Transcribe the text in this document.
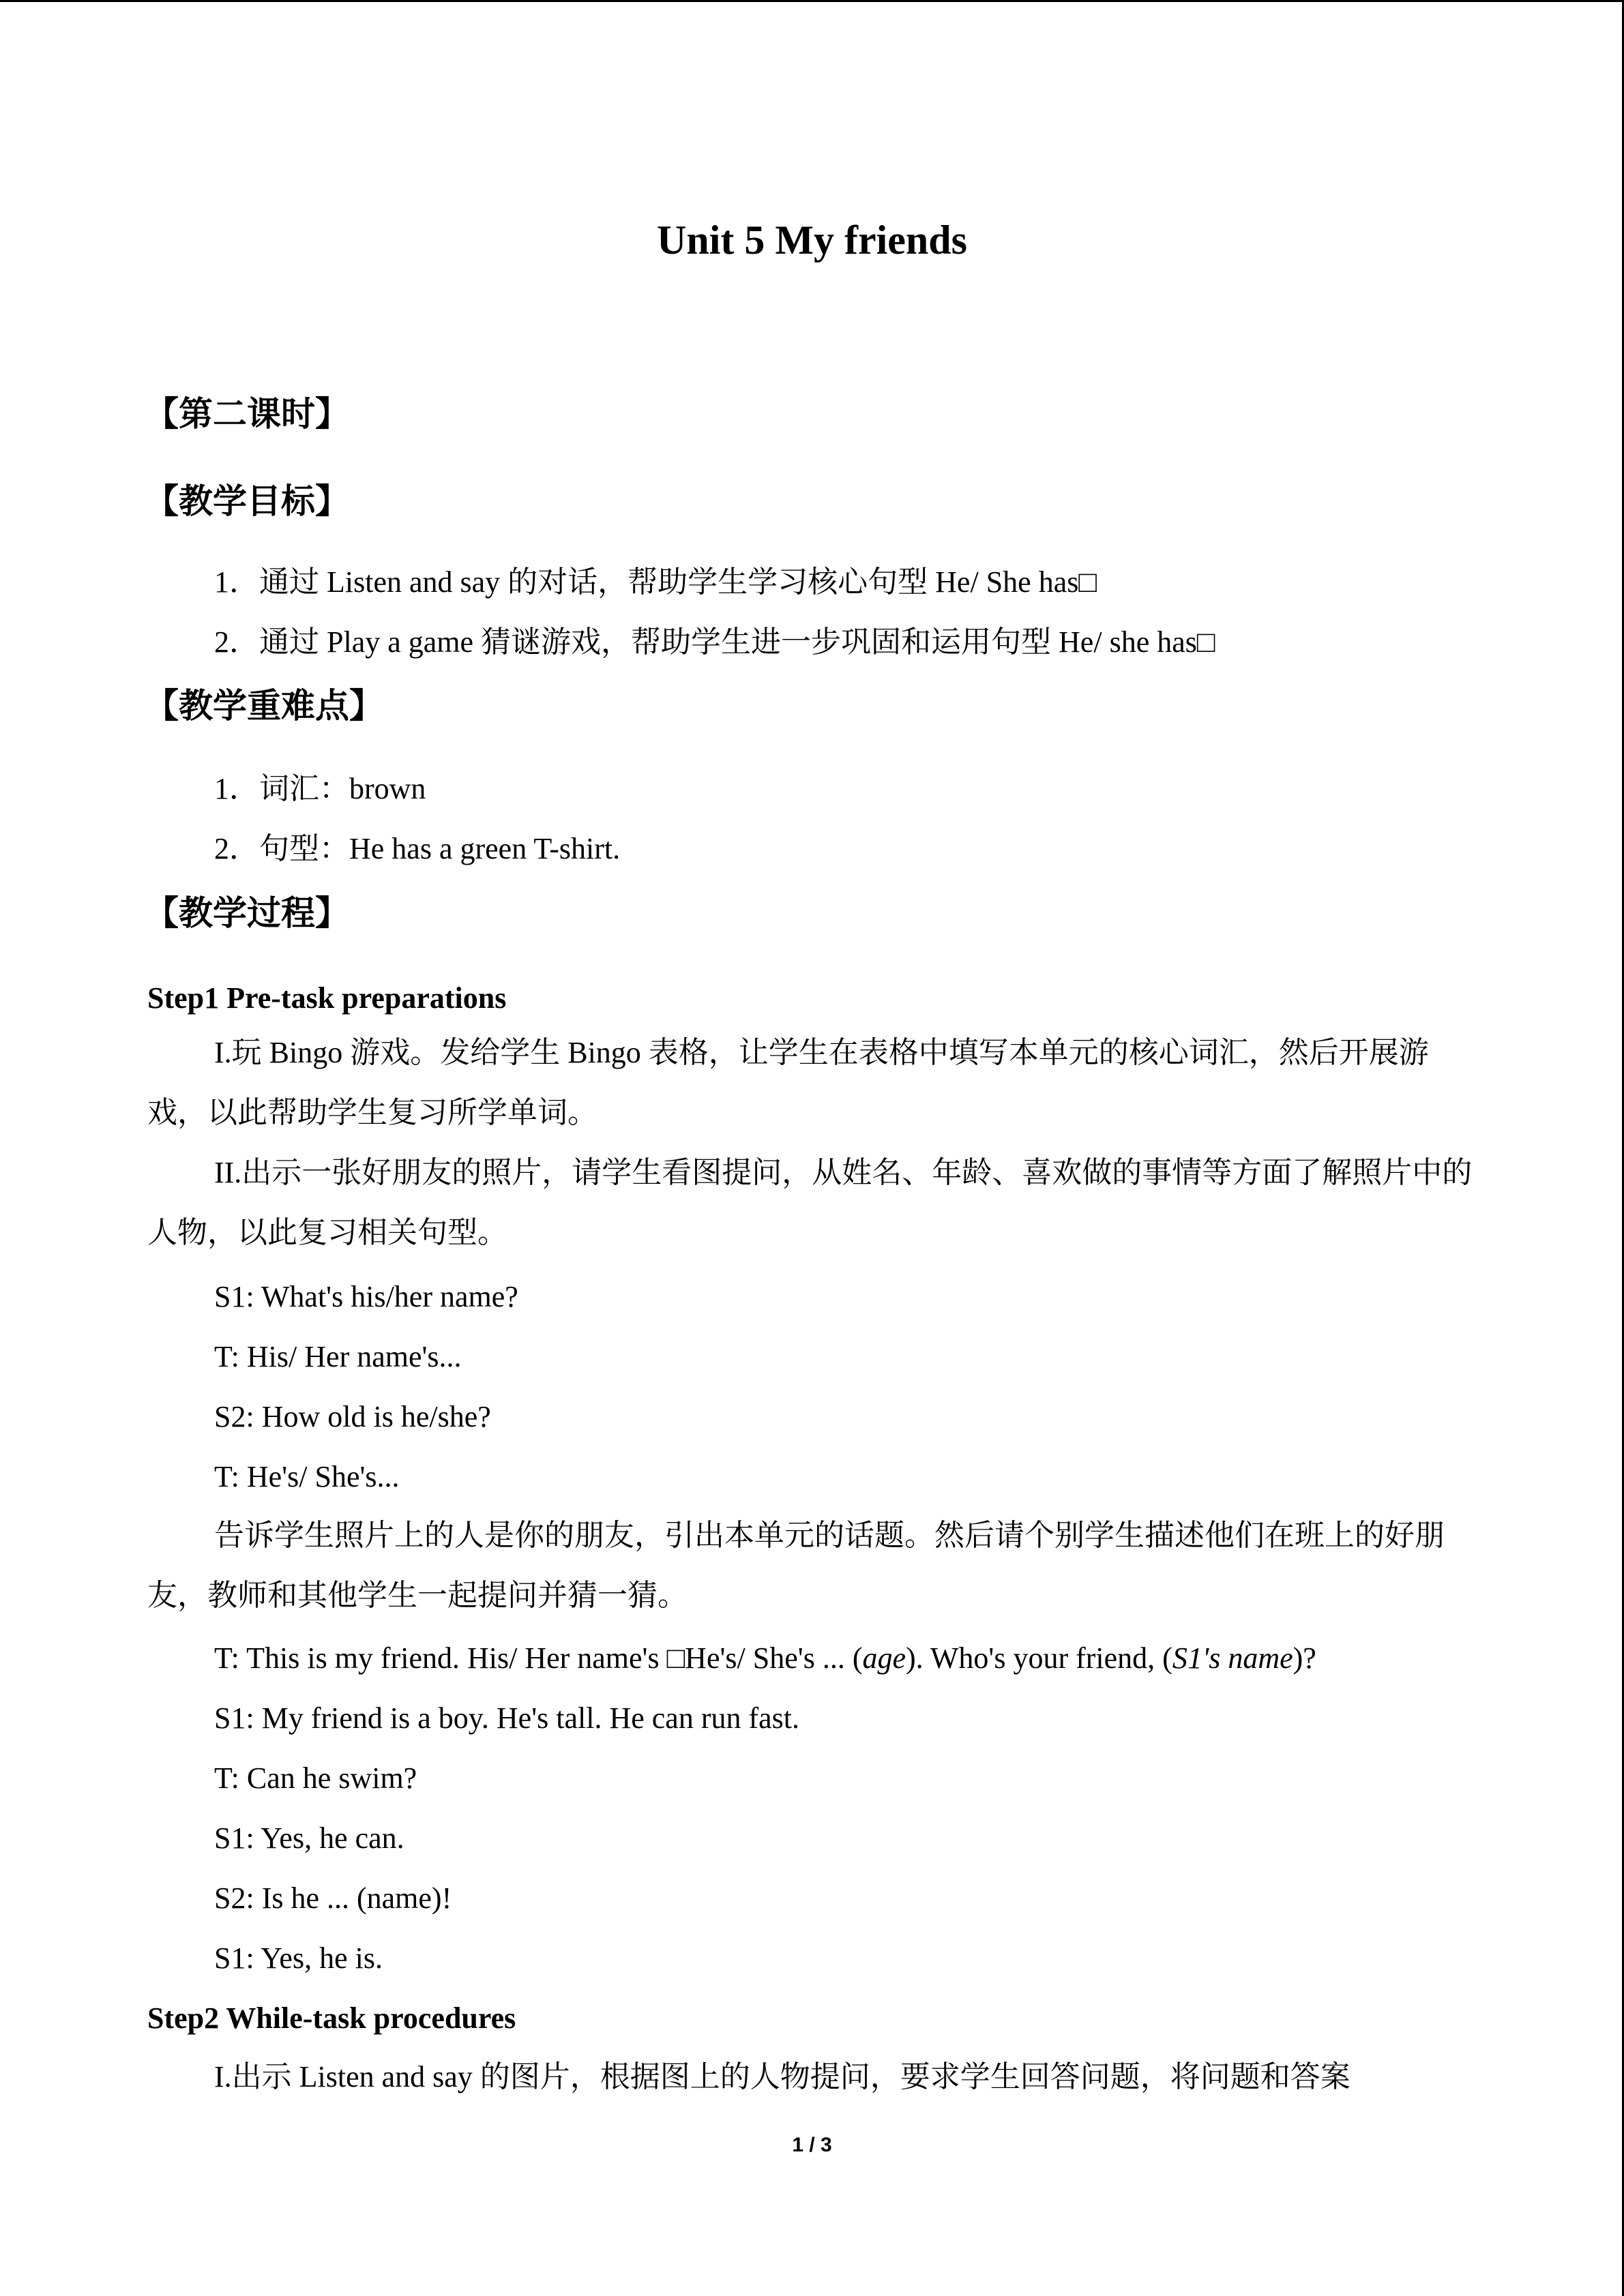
Unit 5 My friends
【第二课时】
【教学目标】
1．通过 Listen and say 的对话，帮助学生学习核心句型 He/ She has□
2．通过 Play a game 猜谜游戏，帮助学生进一步巩固和运用句型 He/ she has□
【教学重难点】
1．词汇：brown
2．句型：He has a green T-shirt.
【教学过程】
Step1 Pre-task preparations
I.玩 Bingo 游戏。发给学生 Bingo 表格，让学生在表格中填写本单元的核心词汇，然后开展游戏，以此帮助学生复习所学单词。
II.出示一张好朋友的照片，请学生看图提问，从姓名、年龄、喜欢做的事情等方面了解照片中的人物，以此复习相关句型。
S1: What's his/her name?
T: His/ Her name's...
S2: How old is he/she?
T: He's/ She's...
告诉学生照片上的人是你的朋友，引出本单元的话题。然后请个别学生描述他们在班上的好朋友，教师和其他学生一起提问并猜一猜。
T: This is my friend. His/ Her name's □He's/ She's ... (age). Who's your friend, (S1's name)?
S1: My friend is a boy. He's tall. He can run fast.
T: Can he swim?
S1: Yes, he can.
S2: Is he ... (name)!
S1: Yes, he is.
Step2 While-task procedures
I.出示 Listen and say 的图片，根据图上的人物提问，要求学生回答问题，将问题和答案
1 / 3
